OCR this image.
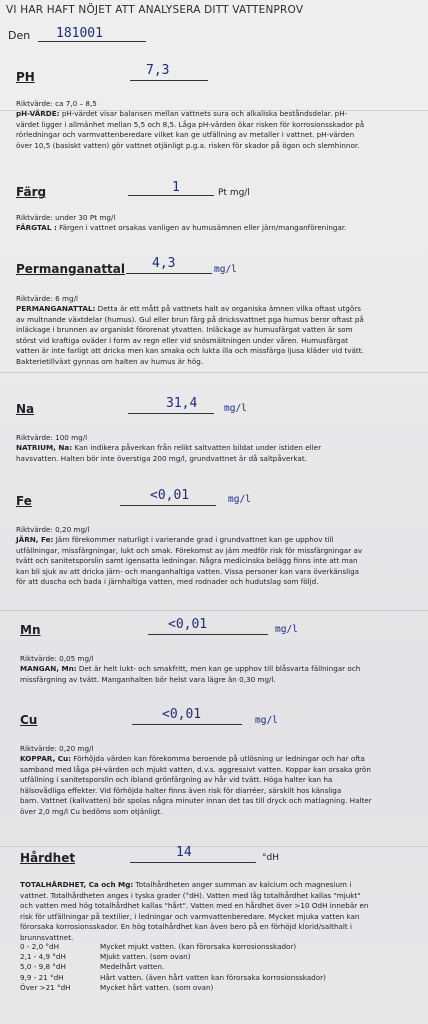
VI HAR HAFT NÖJET ATT ANALYSERA DITT VATTENPROV
Den 181001
PH	7,3
Riktvärde: ca 7,0 – 8,5
pH-VÄRDE: pH-värdet visar balansen mellan vattnets sura och alkaliska beståndsdelar. pH-
värdet ligger i allmänhet mellan 5,5 och 8,5. Låga pH-värden ökar risken för korrosionsskador på
rörledningar och varmvattenberedare vilket kan ge utfällning av metaller i vattnet. pH-värden
över 10,5 (basiskt vatten) gör vattnet otjänligt p.g.a. risken för skador på ögon och slemhinnor.
Färg	1	Pt mg/l
Riktvärde: under 30 Pt mg/l
FÄRGTAL : Färgen i vattnet orsakas vanligen av humusämnen eller järn/manganföreningar.
Permanganattal 4,3	mg/l
Riktvärde: 6 mg/l
PERMANGANATTAL: Detta är ett mått på vattnets halt av organiska ämnen vilka oftast utgörs
av multnande växtdelar (humus). Gul eller brun färg på dricksvattnet pga humus beror oftast på
inläckage i brunnen av organiskt förorenat ytvatten. Inläckage av humusfärgat vatten är som
störst vid kraftiga oväder i form av regn eller vid snösmältningen under våren. Humusfärgat
vatten är inte farligt att dricka men kan smaka och lukta illa och missfärga ljusa kläder vid tvätt.
Bakterietillväxt gynnas om halten av humus är hög.
Na	31,4	mg/l
Riktvärde: 100 mg/l
NATRIUM, Na: Kan indikera påverkan från relikt saltvatten bildat under istiden eller
havsvatten. Halten bör inte överstiga 200 mg/l, grundvattnet är då saltpåverkat.
Fe	<0,01	mg/l
Riktvärde: 0,20 mg/l
JÄRN, Fe: Järn förekommer naturligt i varierande grad i grundvattnet kan ge upphov till
utfällningar, missfärgningar, lukt och smak. Förekomst av järn medför risk för missfärgningar av
tvätt och sanitetsporslin samt igensatta ledningar. Några medicinska belägg finns inte att man
kan bli sjuk av att dricka järn- och manganhaltiga vatten. Vissa personer kan vara överkänsliga
för att duscha och bada i järnhaltiga vatten, med rodnader och hudutslag som följd.
Mn	<0,01	mg/l
Riktvärde: 0,05 mg/l
MANGAN, Mn: Det är helt lukt- och smakfritt, men kan ge upphov till blåsvarta fällningar och
missfärgning av tvätt. Manganhalten bör helst vara lägre än 0,30 mg/l.
Cu	<0,01	mg/l
Riktvärde: 0,20 mg/l
KOPPAR, Cu: Förhöjda värden kan förekomma beroende på utlösning ur ledningar och har ofta
samband med låga pH-värden och mjukt vatten, d.v.s. aggressivt vatten. Koppar kan orsaka grön
utfällning i sanitetsporslin och ibland grönfärgning av hår vid tvätt. Höga halter kan ha
hälsovådliga effekter. Vid förhöjda halter finns även risk för diarréer, särskilt hos känsliga
barn. Vattnet (kallvatten) bör spolas några minuter innan det tas till dryck och matlagning. Halter
över 2,0 mg/l Cu bedöms som otjänligt.
Hårdhet	14	°dH
TOTALHÅRDHET, Ca och Mg: Totalhårdheten anger summan av kalcium och magnesium i
vattnet. Totalhårdheten anges i tyska grader (°dH). Vatten med låg totalhårdhet kallas "mjukt"
och vatten med hög totalhårdhet kallas "hårt". Vatten med en hårdhet över >10 OdH innebär en
risk för utfällningar på textilier, i ledningar och varmvattenberedare. Mycket mjuka vatten kan
förorsaka korrosionsskador. En hög totalhårdhet kan även bero på en förhöjd klorid/salthalt i
brunnsvattnet.
0 - 2,0 °dH	Mycket mjukt vatten. (kan förorsaka korrosionsskador)
2,1 - 4,9 °dH	Mjukt vatten. (som ovan)
5,0 - 9,8 °dH	Medelhårt vatten.
9,9 - 21 °dH	Hårt vatten. (även hårt vatten kan förorsaka korrosionsskador)
Över >21 °dH	Mycket hårt vatten. (som ovan)
